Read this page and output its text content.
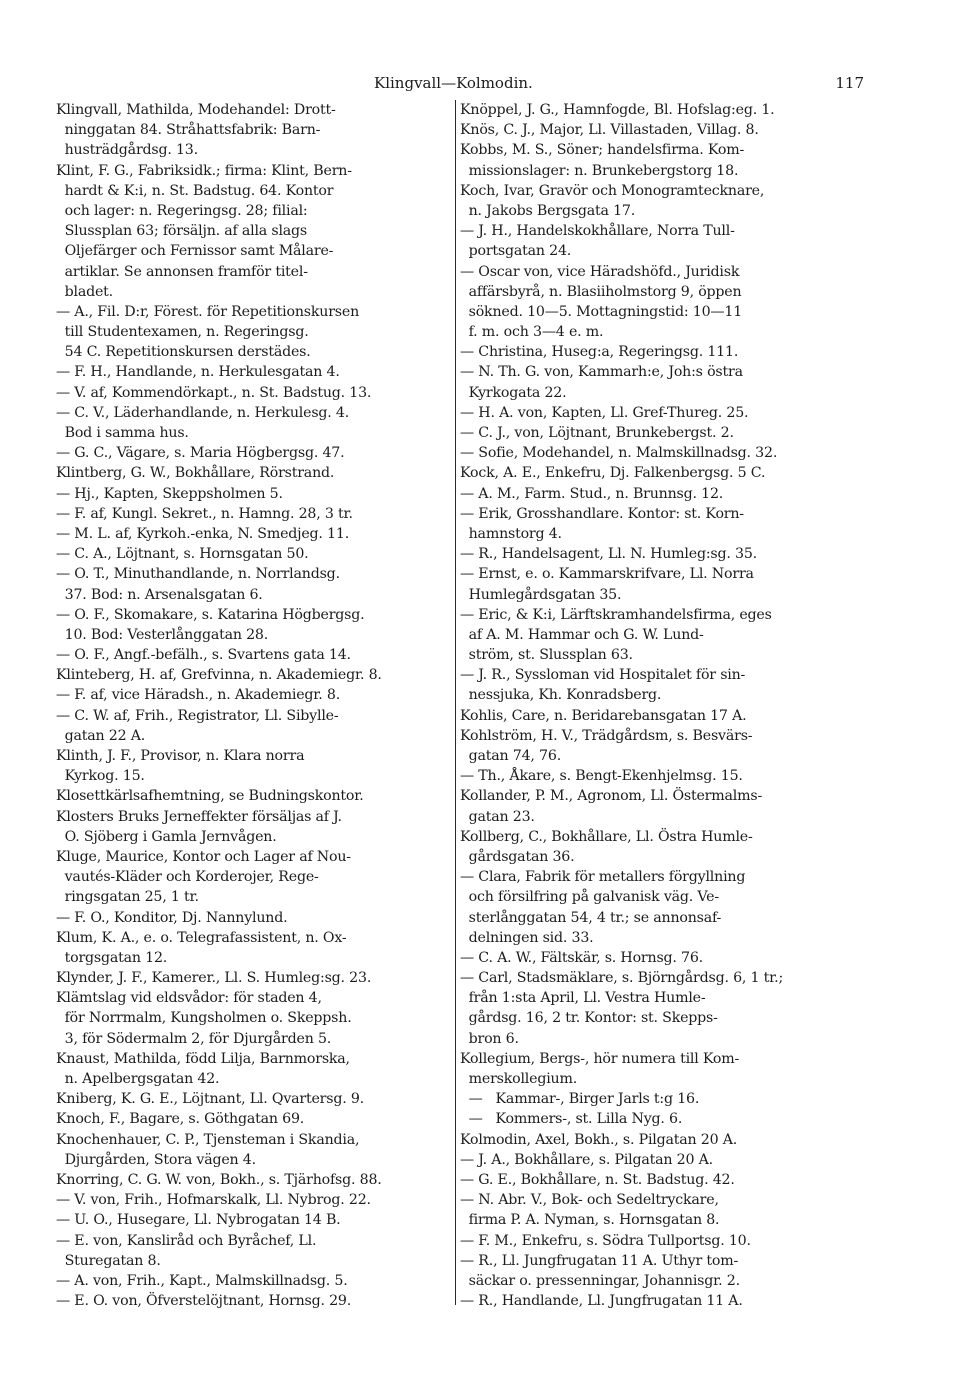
Klingvall—Kolmodin.	117
Klingvall, Mathilda, Modehandel: Drott-
ninggatan 84. Stråhattsfabrik: Barn-
husträdgårdsg. 13.
Klint, F. G., Fabriksidk.; firma: Klint, Bern-
hardt & K:i, n. St. Badstug. 64. Kontor
och lager: n. Regeringsg. 28; filial:
Slussplan 63; försäljn. af alla slags
Oljefärger och Fernissor samt Målare-
artiklar. Se annonsen framför titel-
bladet.
— A., Fil. D:r, Förest. för Repetitionskursen
till Studentexamen, n. Regeringsg.
54 C. Repetitionskursen derstädes.
— F. H., Handlande, n. Herkulesgatan 4.
— V. af, Kommendörkapt., n. St. Badstug. 13.
— C. V., Läderhandlande, n. Herkulesg. 4.
Bod i samma hus.
— G. C., Vägare, s. Maria Högbergsg. 47.
Klintberg, G. W., Bokhållare, Rörstrand.
— Hj., Kapten, Skeppsholmen 5.
— F. af, Kungl. Sekret., n. Hamng. 28, 3 tr.
— M. L. af, Kyrkoh.-enka, N. Smedjeg. 11.
— C. A., Löjtnant, s. Hornsgatan 50.
— O. T., Minuthandlande, n. Norrlandsg.
37. Bod: n. Arsenalsgatan 6.
— O. F., Skomakare, s. Katarina Högbergsg.
10. Bod: Vesterlånggatan 28.
— O. F., Angf.-befälh., s. Svartens gata 14.
Klinteberg, H. af, Grefvinna, n. Akademiegr. 8.
— F. af, vice Häradsh., n. Akademiegr. 8.
— C. W. af, Frih., Registrator, Ll. Sibylle-
gatan 22 A.
Klinth, J. F., Provisor, n. Klara norra
Kyrkog. 15.
Klosettkärlsafhemtning, se Budningskontor.
Klosters Bruks Jerneffekter försäljas af J.
O. Sjöberg i Gamla Jernvågen.
Kluge, Maurice, Kontor och Lager af Nou-
vautés-Kläder och Korderojer, Rege-
ringsgatan 25, 1 tr.
— F. O., Konditor, Dj. Nannylund.
Klum, K. A., e. o. Telegrafassistent, n. Ox-
torgsgatan 12.
Klynder, J. F., Kamerer., Ll. S. Humleg:sg. 23.
Klämtslag vid eldsvådor: för staden 4,
för Norrmalm, Kungsholmen o. Skeppsh.
3, för Södermalm 2, för Djurgården 5.
Knaust, Mathilda, född Lilja, Barnmorska,
n. Apelbergsgatan 42.
Kniberg, K. G. E., Löjtnant, Ll. Qvartersg. 9.
Knoch, F., Bagare, s. Göthgatan 69.
Knochenhauer, C. P., Tjensteman i Skandia,
Djurgården, Stora vägen 4.
Knorring, C. G. W. von, Bokh., s. Tjärhofsg. 88.
— V. von, Frih., Hofmarskalk, Ll. Nybrog. 22.
— U. O., Husegare, Ll. Nybrogatan 14 B.
— E. von, Kansliråd och Byråchef, Ll.
Sturegatan 8.
— A. von, Frih., Kapt., Malmskillnadsg. 5.
— E. O. von, Öfverstelöjtnant, Hornsg. 29.
Knöppel, J. G., Hamnfogde, Bl. Hofslag:eg. 1.
Knös, C. J., Major, Ll. Villastaden, Villag. 8.
Kobbs, M. S., Söner; handelsfirma. Kom-
missionslager: n. Brunkebergstorg 18.
Koch, Ivar, Gravör och Monogramtecknare,
n. Jakobs Bergsgata 17.
— J. H., Handelskokhållare, Norra Tull-
portsgatan 24.
— Oscar von, vice Häradshöfd., Juridisk
affärsbyrå, n. Blasiiholmstorg 9, öppen
sökned. 10—5. Mottagningstid: 10—11
f. m. och 3—4 e. m.
— Christina, Huseg:a, Regeringsg. 111.
— N. Th. G. von, Kammarh:e, Joh:s östra
Kyrkogata 22.
— H. A. von, Kapten, Ll. Gref-Thureg. 25.
— C. J., von, Löjtnant, Brunkebergst. 2.
— Sofie, Modehandel, n. Malmskillnadsg. 32.
Kock, A. E., Enkefru, Dj. Falkenbergsg. 5 C.
— A. M., Farm. Stud., n. Brunnsg. 12.
— Erik, Grosshandlare. Kontor: st. Korn-
hamnstorg 4.
— R., Handelsagent, Ll. N. Humleg:sg. 35.
— Ernst, e. o. Kammarskrifvare, Ll. Norra
Humlegårdsgatan 35.
— Eric, & K:i, Lärftskramhandelsfirma, eges
af A. M. Hammar och G. W. Lund-
ström, st. Slussplan 63.
— J. R., Syssloman vid Hospitalet för sin-
nessjuka, Kh. Konradsberg.
Kohlis, Care, n. Beridarebansgatan 17 A.
Kohlström, H. V., Trädgårdsm, s. Besvärs-
gatan 74, 76.
— Th., Åkare, s. Bengt-Ekenhjelmsg. 15.
Kollander, P. M., Agronom, Ll. Östermalms-
gatan 23.
Kollberg, C., Bokhållare, Ll. Östra Humle-
gårdsgatan 36.
— Clara, Fabrik för metallers förgyllning
och försilfring på galvanisk väg. Ve-
sterlånggatan 54, 4 tr.; se annonsaf-
delningen sid. 33.
— C. A. W., Fältskär, s. Hornsg. 76.
— Carl, Stadsmäklare, s. Björngårdsg. 6, 1 tr.;
från 1:sta April, Ll. Vestra Humle-
gårdsg. 16, 2 tr. Kontor: st. Skepps-
bron 6.
Kollegium, Bergs-, hör numera till Kom-
merskollegium.
—   Kammar-, Birger Jarls t:g 16.
—   Kommers-, st. Lilla Nyg. 6.
Kolmodin, Axel, Bokh., s. Pilgatan 20 A.
— J. A., Bokhållare, s. Pilgatan 20 A.
— G. E., Bokhållare, n. St. Badstug. 42.
— N. Abr. V., Bok- och Sedeltryckare,
firma P. A. Nyman, s. Hornsgatan 8.
— F. M., Enkefru, s. Södra Tullportsg. 10.
— R., Ll. Jungfrugatan 11 A. Uthyr tom-
säckar o. pressenningar, Johannisgr. 2.
— R., Handlande, Ll. Jungfrugatan 11 A.
